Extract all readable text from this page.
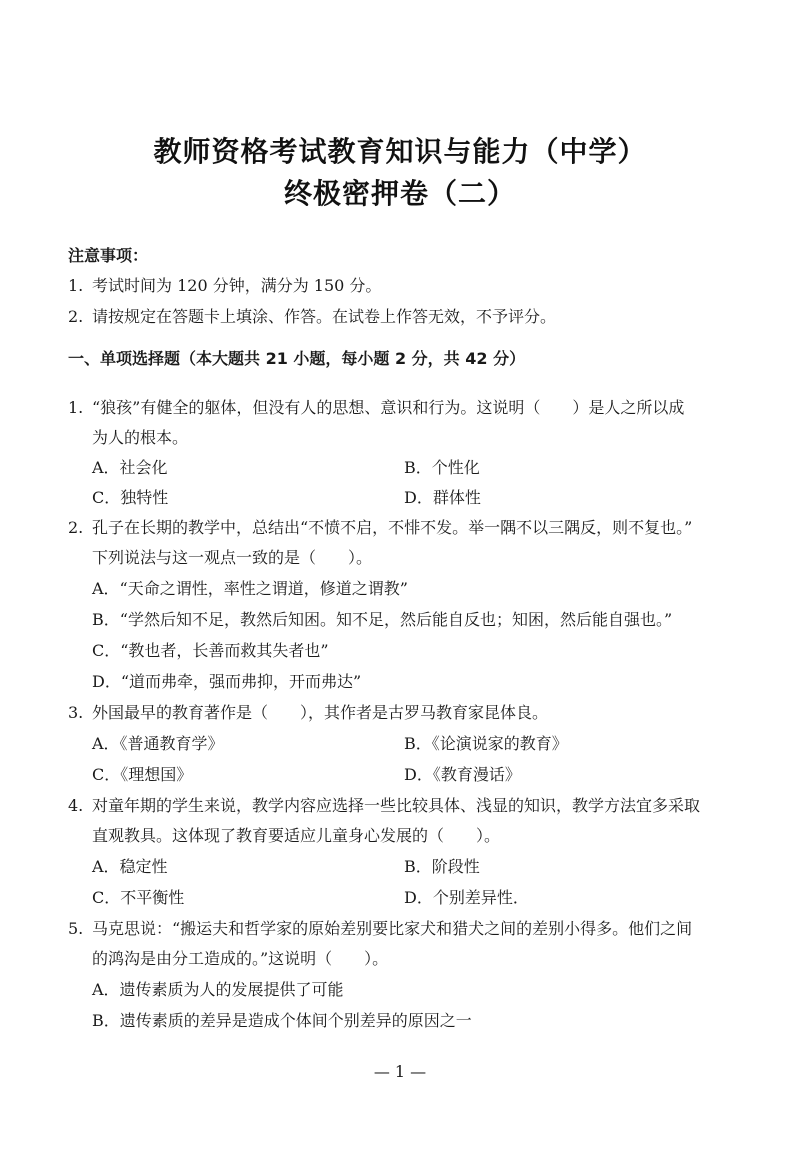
教师资格考试教育知识与能力（中学）
终极密押卷（二）
注意事项：
1. 考试时间为 120 分钟，满分为 150 分。
2. 请按规定在答题卡上填涂、作答。在试卷上作答无效，不予评分。
一、单项选择题（本大题共 21 小题，每小题 2 分，共 42 分）
1. “狼孩”有健全的躯体，但没有人的思想、意识和行为。这说明（　　）是人之所以成
为人的根本。
A．社会化	B．个性化
C．独特性	D．群体性
2. 孔子在长期的教学中，总结出“不愤不启，不悱不发。举一隅不以三隅反，则不复也。”
下列说法与这一观点一致的是（　　）。
A．“天命之谓性，率性之谓道，修道之谓教”
B．“学然后知不足，教然后知困。知不足，然后能自反也；知困，然后能自强也。”
C．“教也者，长善而救其失者也”
D．“道而弗牵，强而弗抑，开而弗达”
3. 外国最早的教育著作是（　　），其作者是古罗马教育家昆体良。
A．《普通教育学》	B．《论演说家的教育》
C．《理想国》	D．《教育漫话》
4. 对童年期的学生来说，教学内容应选择一些比较具体、浅显的知识，教学方法宜多采取
直观教具。这体现了教育要适应儿童身心发展的（　　）。
A．稳定性	B．阶段性
C．不平衡性	D．个别差异性．
5. 马克思说：“搬运夫和哲学家的原始差别要比家犬和猎犬之间的差别小得多。他们之间
的鸿沟是由分工造成的。”这说明（　　）。
A．遗传素质为人的发展提供了可能
B．遗传素质的差异是造成个体间个别差异的原因之一
— 1 —
